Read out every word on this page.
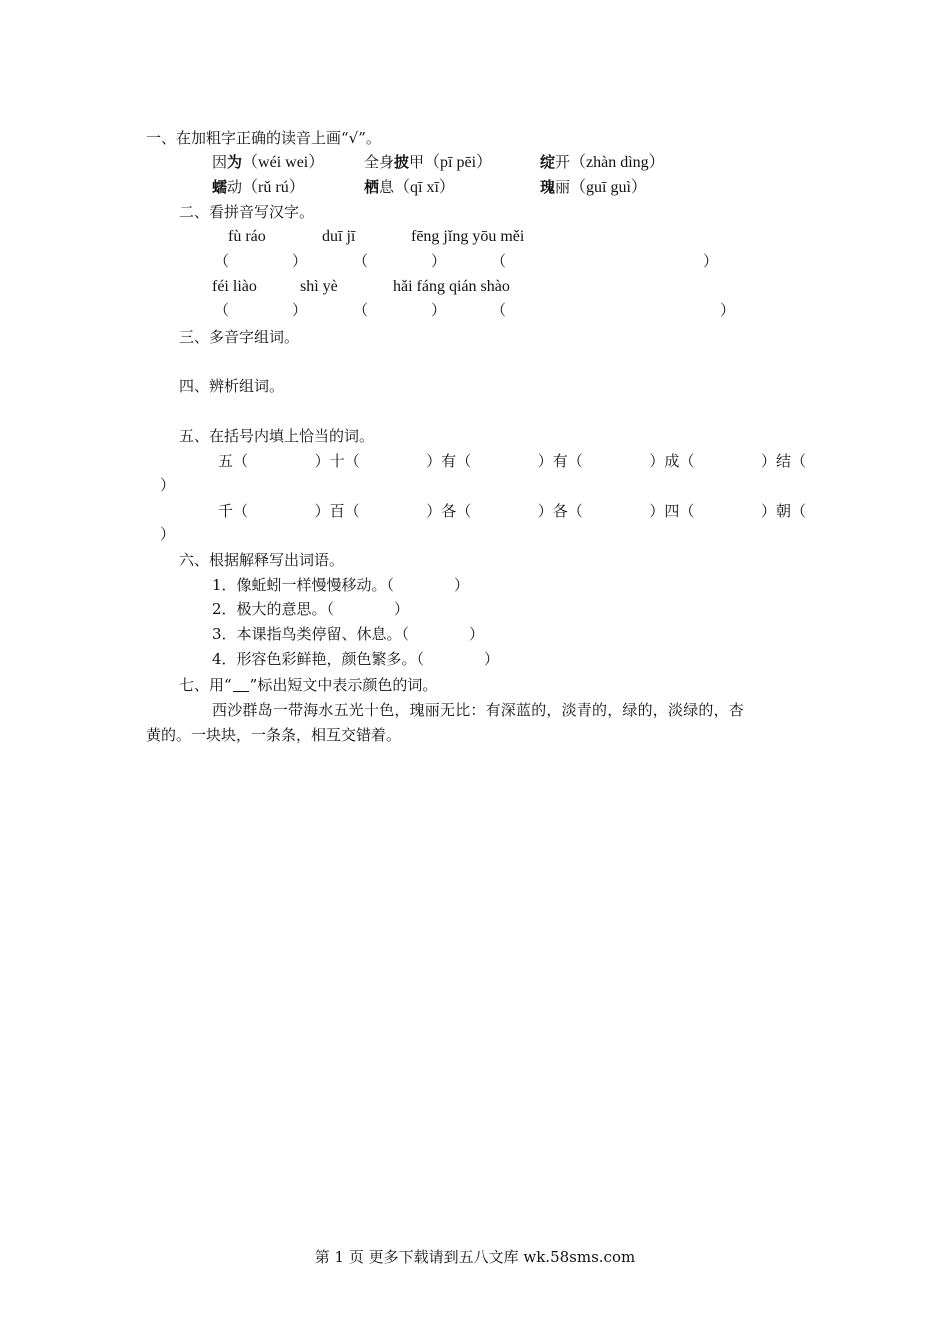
一、在加粗字正确的读音上画“√”。
因为（wéi wei）	全身披甲（pī pēi）	绽开（zhàn dìng）
蠕动（rǔ rú）	栖息（qī xī）	瑰丽（guī guì）
二、看拼音写汉字。
fù ráo	duī jī	fēng jǐng yōu měi
（	）	（	）	（	）
féi liào	shì yè	hǎi fáng qián shào
（	）	（	）	（	）
三、多音字组词。
四、辨析组词。
五、在括号内填上恰当的词。
五（	）十（	）有（	）有（	）成（	）结（
）
千（	）百（	）各（	）各（	）四（	）朝（
）
六、根据解释写出词语。
1．像蚯蚓一样慢慢移动。（　　　　）
2．极大的意思。（　　　　）
3．本课指鸟类停留、休息。（　　　　）
4．形容色彩鲜艳，颜色繁多。（　　　　）
七、用“ ”标出短文中表示颜色的词。
西沙群岛一带海水五光十色，瑰丽无比：有深蓝的，淡青的，绿的，淡绿的，杏
黄的。一块块，一条条，相互交错着。
第 1 页 更多下载请到五八文库 wk.58sms.com
